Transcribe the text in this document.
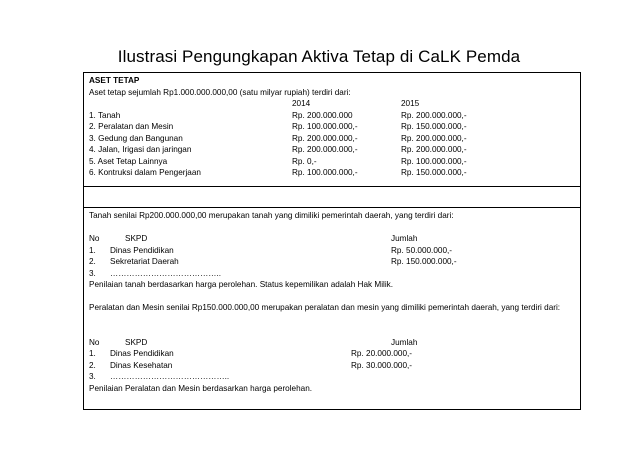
Ilustrasi Pengungkapan Aktiva Tetap di CaLK Pemda
ASET TETAP
Aset tetap sejumlah Rp1.000.000.000,00 (satu milyar rupiah) terdiri dari:
2014	2015
1. Tanah	Rp. 200.000.000	Rp. 200.000.000,-
2. Peralatan dan Mesin	Rp. 100.000.000,-	Rp. 150.000.000,-
3. Gedung dan Bangunan	Rp. 200.000.000,-	Rp. 200.000.000,-
4. Jalan, Irigasi dan jaringan	Rp. 200.000.000,-	Rp. 200.000.000,-
5. Aset Tetap Lainnya	Rp. 0,-	Rp. 100.000.000,-
6. Kontruksi dalam Pengerjaan	Rp. 100.000.000,-	Rp. 150.000.000,-
Tanah senilai Rp200.000.000,00 merupakan tanah yang dimiliki pemerintah daerah, yang terdiri dari:
No	SKPD	Jumlah
1. Dinas Pendidikan	Rp. 50.000.000,-
2. Sekretariat Daerah	Rp. 150.000.000,-
3. …………………………………..
Penilaian tanah berdasarkan harga perolehan. Status kepemilikan adalah Hak Milik.
Peralatan dan Mesin senilai Rp150.000.000,00 merupakan peralatan dan mesin yang dimiliki pemerintah daerah, yang terdiri dari:
No	SKPD	Jumlah
1. Dinas Pendidikan	Rp. 20.000.000,-
2. Dinas Kesehatan	Rp. 30.000.000,-
3. ……………………………………..
Penilaian Peralatan dan Mesin berdasarkan harga perolehan.
